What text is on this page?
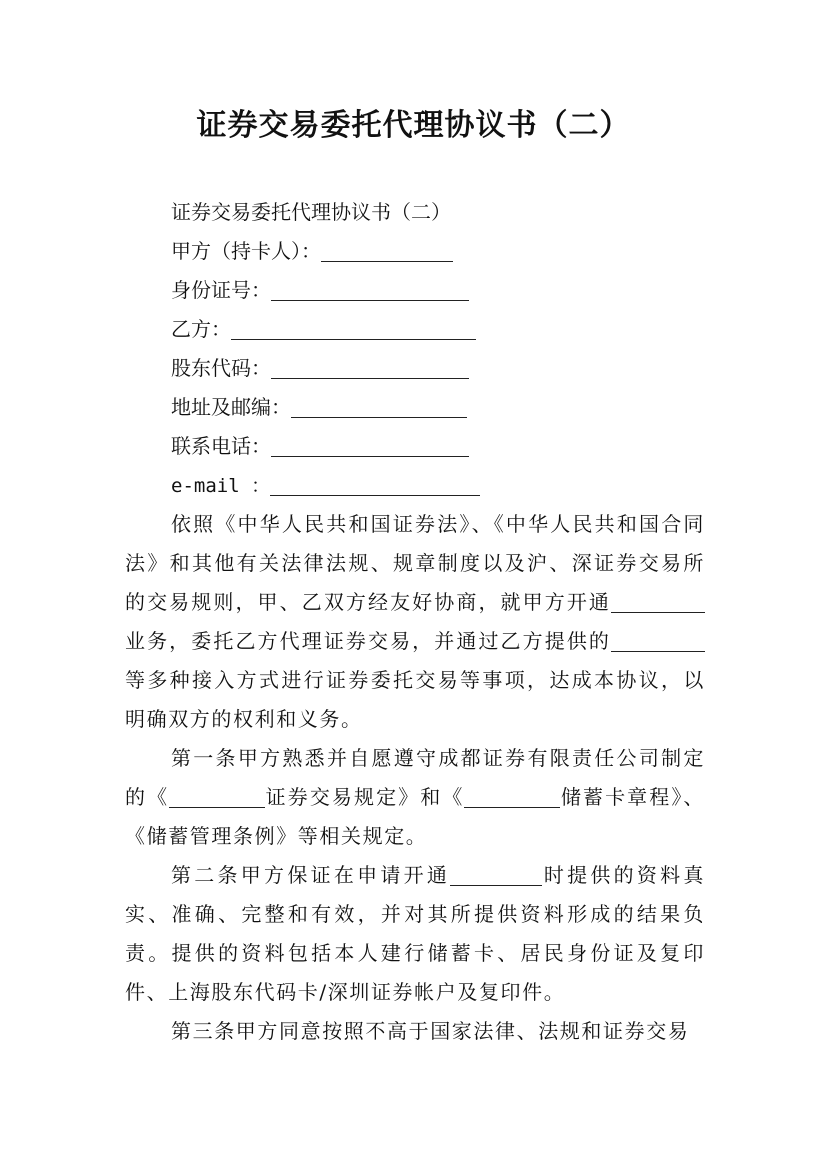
证券交易委托代理协议书（二）
证券交易委托代理协议书（二）
甲方（持卡人）：
身份证号：
乙方：
股东代码：
地址及邮编：
联系电话：
e-mail ：
依照《中华人民共和国证券法》、《中华人民共和国合同法》和其他有关法律法规、规章制度以及沪、深证券交易所的交易规则，甲、乙双方经友好协商，就甲方开通业务，委托乙方代理证券交易，并通过乙方提供的等多种接入方式进行证券委托交易等事项，达成本协议，以明确双方的权利和义务。
第一条甲方熟悉并自愿遵守成都证券有限责任公司制定的《	证券交易规定》和《	储蓄卡章程》、《储蓄管理条例》等相关规定。
第二条甲方保证在申请开通	时提供的资料真实、准确、完整和有效，并对其所提供资料形成的结果负责。提供的资料包括本人建行储蓄卡、居民身份证及复印件、上海股东代码卡/深圳证券帐户及复印件。
第三条甲方同意按照不高于国家法律、法规和证券交易
